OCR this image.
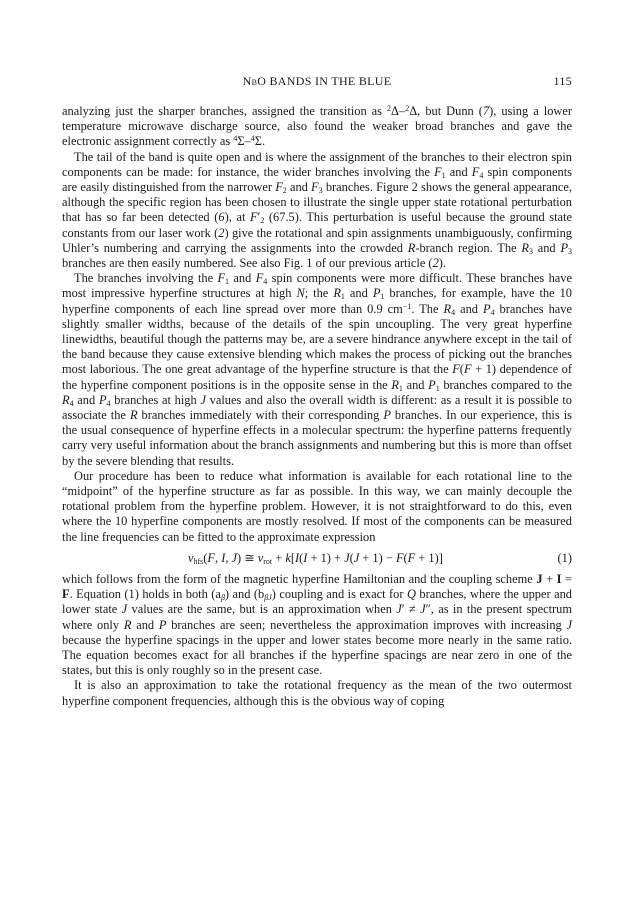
NbO BANDS IN THE BLUE	115

analyzing just the sharper branches, assigned the transition as $^2$Δ–$^2$Δ, but Dunn (7), using a lower temperature microwave discharge source, also found the weaker broad branches and gave the electronic assignment correctly as $^4$Σ–$^4$Σ.

The tail of the band is quite open and is where the assignment of the branches to their electron spin components can be made: for instance, the wider branches involving the $F_1$ and $F_4$ spin components are easily distinguished from the narrower $F_2$ and $F_3$ branches. Figure 2 shows the general appearance, although the specific region has been chosen to illustrate the single upper state rotational perturbation that has so far been detected (6), at $F'_2$ (67.5). This perturbation is useful because the ground state constants from our laser work (2) give the rotational and spin assignments unambiguously, confirming Uhler’s numbering and carrying the assignments into the crowded R-branch region. The $R_3$ and $P_3$ branches are then easily numbered. See also Fig. 1 of our previous article (2).

The branches involving the $F_1$ and $F_4$ spin components were more difficult. These branches have most impressive hyperfine structures at high N; the $R_1$ and $P_1$ branches, for example, have the 10 hyperfine components of each line spread over more than 0.9 $cm^{-1}$. The $R_4$ and $P_4$ branches have slightly smaller widths, because of the details of the spin uncoupling. The very great hyperfine linewidths, beautiful though the patterns may be, are a severe hindrance anywhere except in the tail of the band because they cause extensive blending which makes the process of picking out the branches most laborious. The one great advantage of the hyperfine structure is that the F(F + 1) dependence of the hyperfine component positions is in the opposite sense in the $R_1$ and $P_1$ branches compared to the $R_4$ and $P_4$ branches at high J values and also the overall width is different: as a result it is possible to associate the R branches immediately with their corresponding P branches. In our experience, this is the usual consequence of hyperfine effects in a molecular spectrum: the hyperfine patterns frequently carry very useful information about the branch assignments and numbering but this is more than offset by the severe blending that results.

Our procedure has been to reduce what information is available for each rotational line to the “midpoint” of the hyperfine structure as far as possible. In this way, we can mainly decouple the rotational problem from the hyperfine problem. However, it is not straightforward to do this, even where the 10 hyperfine components are mostly resolved. If most of the components can be measured the line frequencies can be fitted to the approximate expression

$\nu_{hfs}(F$, I, J) ≅ $\nu_{rot} + k[I(I + 1) + J(J + 1) - F(F + 1)]$	(1)

which follows from the form of the magnetic hyperfine Hamiltonian and the coupling scheme J + I = F. Equation (1) holds in both $(a_\beta)$ and $(b_{\beta J})$ coupling and is exact for Q branches, where the upper and lower state J values are the same, but is an approximation when J′ ≠ J″, as in the present spectrum where only R and P branches are seen; nevertheless the approximation improves with increasing J because the hyperfine spacings in the upper and lower states become more nearly in the same ratio. The equation becomes exact for all branches if the hyperfine spacings are near zero in one of the states, but this is only roughly so in the present case.

It is also an approximation to take the rotational frequency as the mean of the two outermost hyperfine component frequencies, although this is the obvious way of coping
